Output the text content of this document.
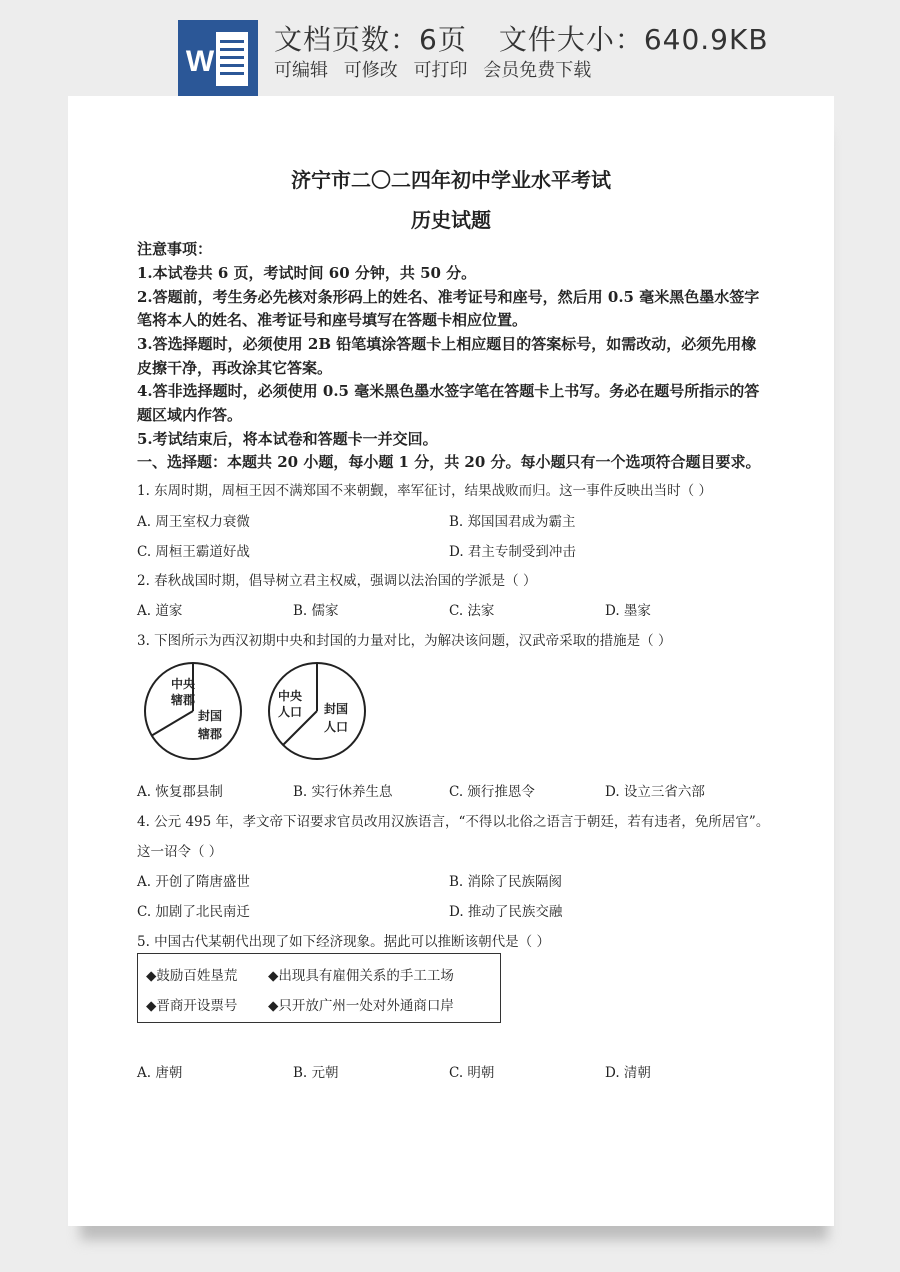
W
文档页数：6页 文件大小：640.9KB
可编辑 可修改 可打印 会员免费下载
济宁市二〇二四年初中学业水平考试
历史试题
注意事项：
1.本试卷共 6 页，考试时间 60 分钟，共 50 分。
2.答题前，考生务必先核对条形码上的姓名、准考证号和座号，然后用 0.5 毫米黑色墨水签字
笔将本人的姓名、准考证号和座号填写在答题卡相应位置。
3.答选择题时，必须使用 2B 铅笔填涂答题卡上相应题目的答案标号，如需改动，必须先用橡
皮擦干净，再改涂其它答案。
4.答非选择题时，必须使用 0.5 毫米黑色墨水签字笔在答题卡上书写。务必在题号所指示的答
题区域内作答。
5.考试结束后，将本试卷和答题卡一并交回。
一、选择题：本题共 20 小题，每小题 1 分，共 20 分。每小题只有一个选项符合题目要求。
1. 东周时期，周桓王因不满郑国不来朝觐，率军征讨，结果战败而归。这一事件反映出当时（ ）
A. 周王室权力衰微	B. 郑国国君成为霸主
C. 周桓王霸道好战	D. 君主专制受到冲击
2. 春秋战国时期，倡导树立君主权威，强调以法治国的学派是（ ）
A. 道家	B. 儒家	C. 法家	D. 墨家
3. 下图所示为西汉初期中央和封国的力量对比，为解决该问题，汉武帝采取的措施是（ ）
中央
辖郡
封国
辖郡
中央
人口 封国
人口
A. 恢复郡县制	B. 实行休养生息	C. 颁行推恩令	D. 设立三省六部
4. 公元 495 年，孝文帝下诏要求官员改用汉族语言，“不得以北俗之语言于朝廷，若有违者，免所居官”。
这一诏令（ ）
A. 开创了隋唐盛世	B. 消除了民族隔阂
C. 加剧了北民南迁	D. 推动了民族交融
5. 中国古代某朝代出现了如下经济现象。据此可以推断该朝代是（ ）
◆鼓励百姓垦荒 ◆出现具有雇佣关系的手工工场
◆晋商开设票号 ◆只开放广州一处对外通商口岸
A. 唐朝	B. 元朝	C. 明朝	D. 清朝
